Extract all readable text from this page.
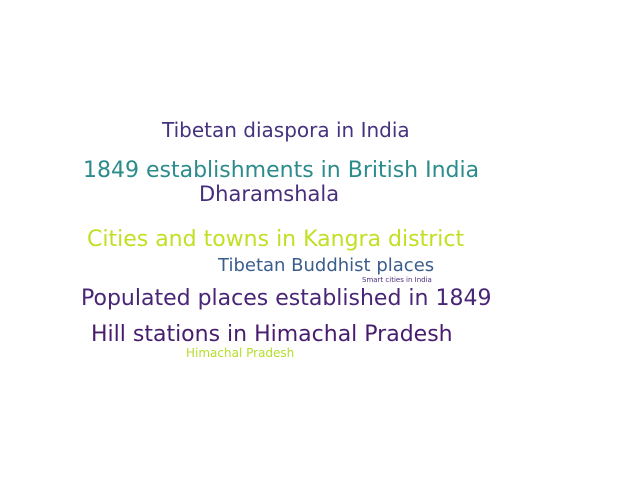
Tibetan diaspora in India
1849 establishments in British India
Dharamshala
Cities and towns in Kangra district
Tibetan Buddhist places
Smart cities in India
Populated places established in 1849
Hill stations in Himachal Pradesh
Himachal Pradesh
